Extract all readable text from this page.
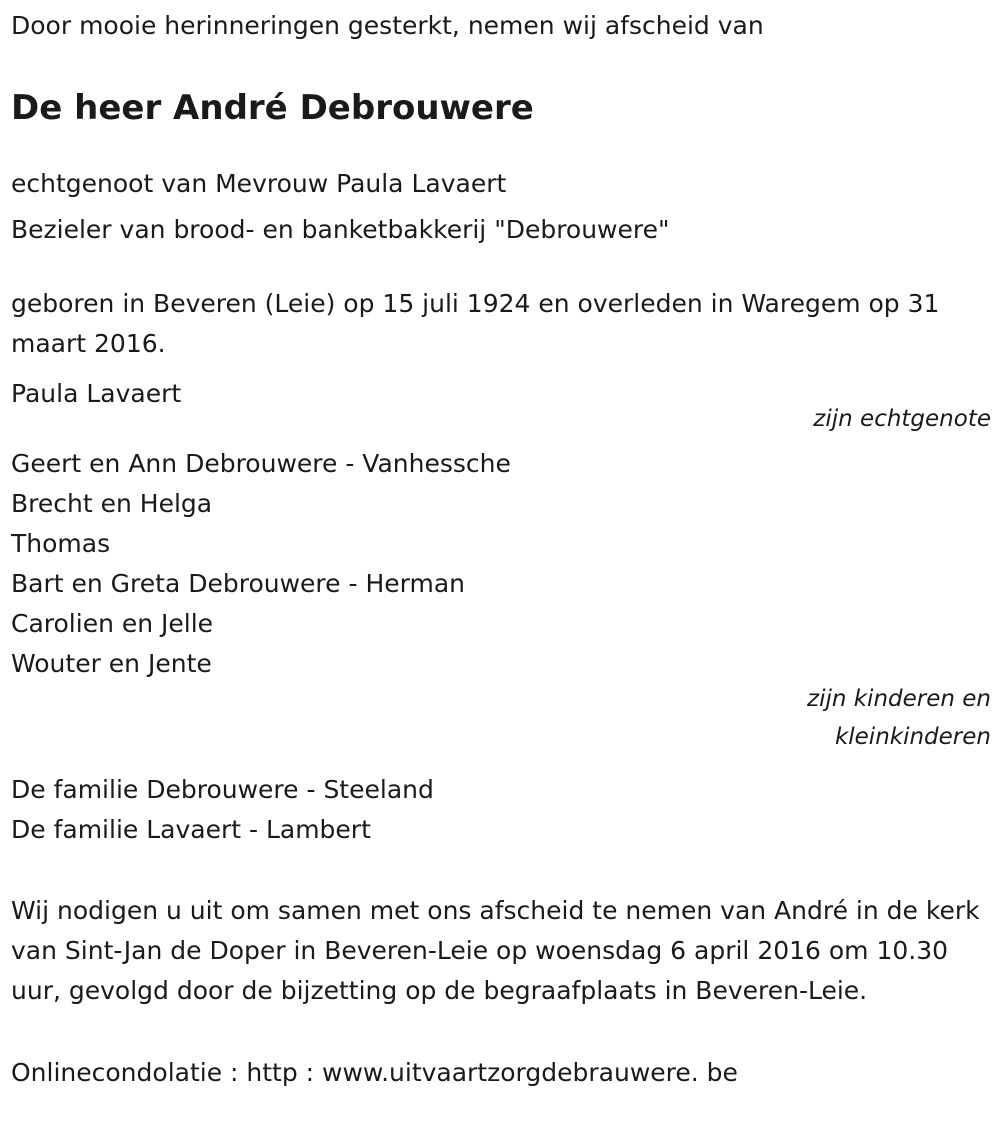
Door mooie herinneringen gesterkt, nemen wij afscheid van

De heer André Debrouwere
echtgenoot van Mevrouw Paula Lavaert
Bezieler van brood- en banketbakkerij "Debrouwere"
geboren in Beveren (Leie) op 15 juli 1924 en overleden in Waregem op 31
maart 2016.
Paula Lavaert
zijn echtgenote
Geert en Ann Debrouwere - Vanhessche
Brecht en Helga
Thomas
Bart en Greta Debrouwere - Herman
Carolien en Jelle
Wouter en Jente
zijn kinderen en
kleinkinderen
De familie Debrouwere - Steeland
De familie Lavaert - Lambert

Wij nodigen u uit om samen met ons afscheid te nemen van André in de kerk van Sint-Jan de Doper in Beveren-Leie op woensdag 6 april 2016 om 10.30 uur, gevolgd door de bijzetting op de begraafplaats in Beveren-Leie.

Onlinecondolatie : http : www.uitvaartzorgdebrauwere. be
